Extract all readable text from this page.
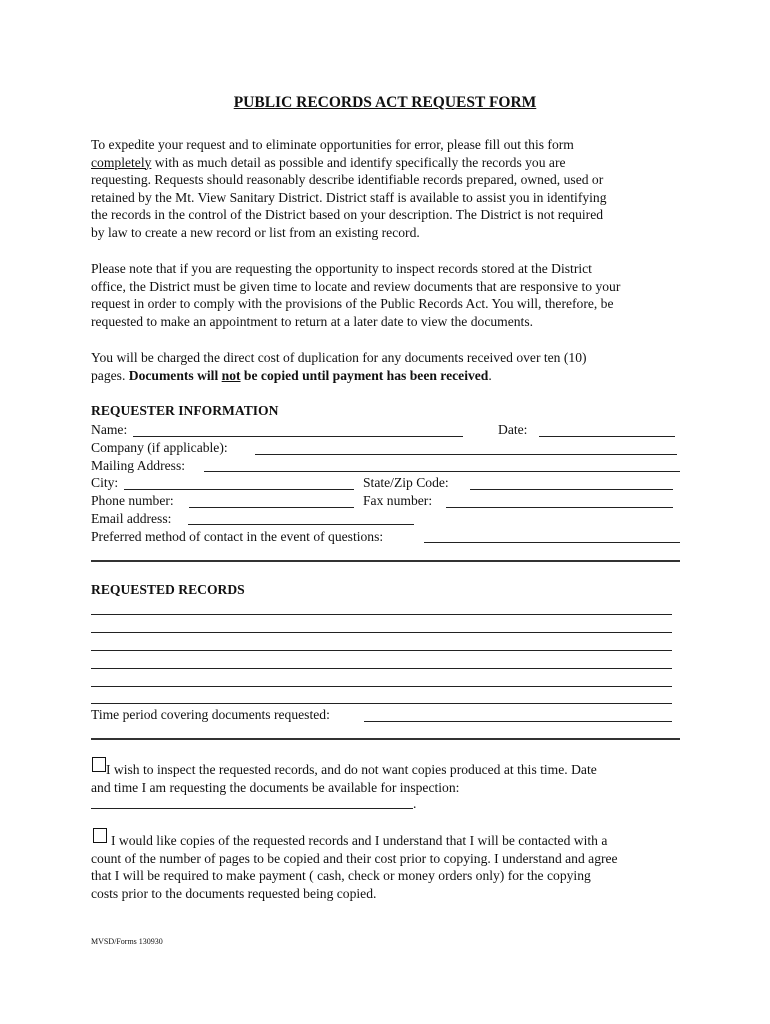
PUBLIC RECORDS ACT REQUEST FORM
To expedite your request and to eliminate opportunities for error, please fill out this form
completely with as much detail as possible and identify specifically the records you are
requesting. Requests should reasonably describe identifiable records prepared, owned, used or
retained by the Mt. View Sanitary District. District staff is available to assist you in identifying
the records in the control of the District based on your description. The District is not required
by law to create a new record or list from an existing record.
Please note that if you are requesting the opportunity to inspect records stored at the District
office, the District must be given time to locate and review documents that are responsive to your
request in order to comply with the provisions of the Public Records Act. You will, therefore, be
requested to make an appointment to return at a later date to view the documents.
You will be charged the direct cost of duplication for any documents received over ten (10)
pages. Documents will not be copied until payment has been received.
REQUESTER INFORMATION
Name:	Date:
Company (if applicable):
Mailing Address:
City:	State/Zip Code:
Phone number:	Fax number:
Email address:
Preferred method of contact in the event of questions:
REQUESTED RECORDS
Time period covering documents requested:
I wish to inspect the requested records, and do not want copies produced at this time. Date
and time I am requesting the documents be available for inspection:
.
I would like copies of the requested records and I understand that I will be contacted with a
count of the number of pages to be copied and their cost prior to copying. I understand and agree
that I will be required to make payment ( cash, check or money orders only) for the copying
costs prior to the documents requested being copied.
MVSD/Forms 130930
